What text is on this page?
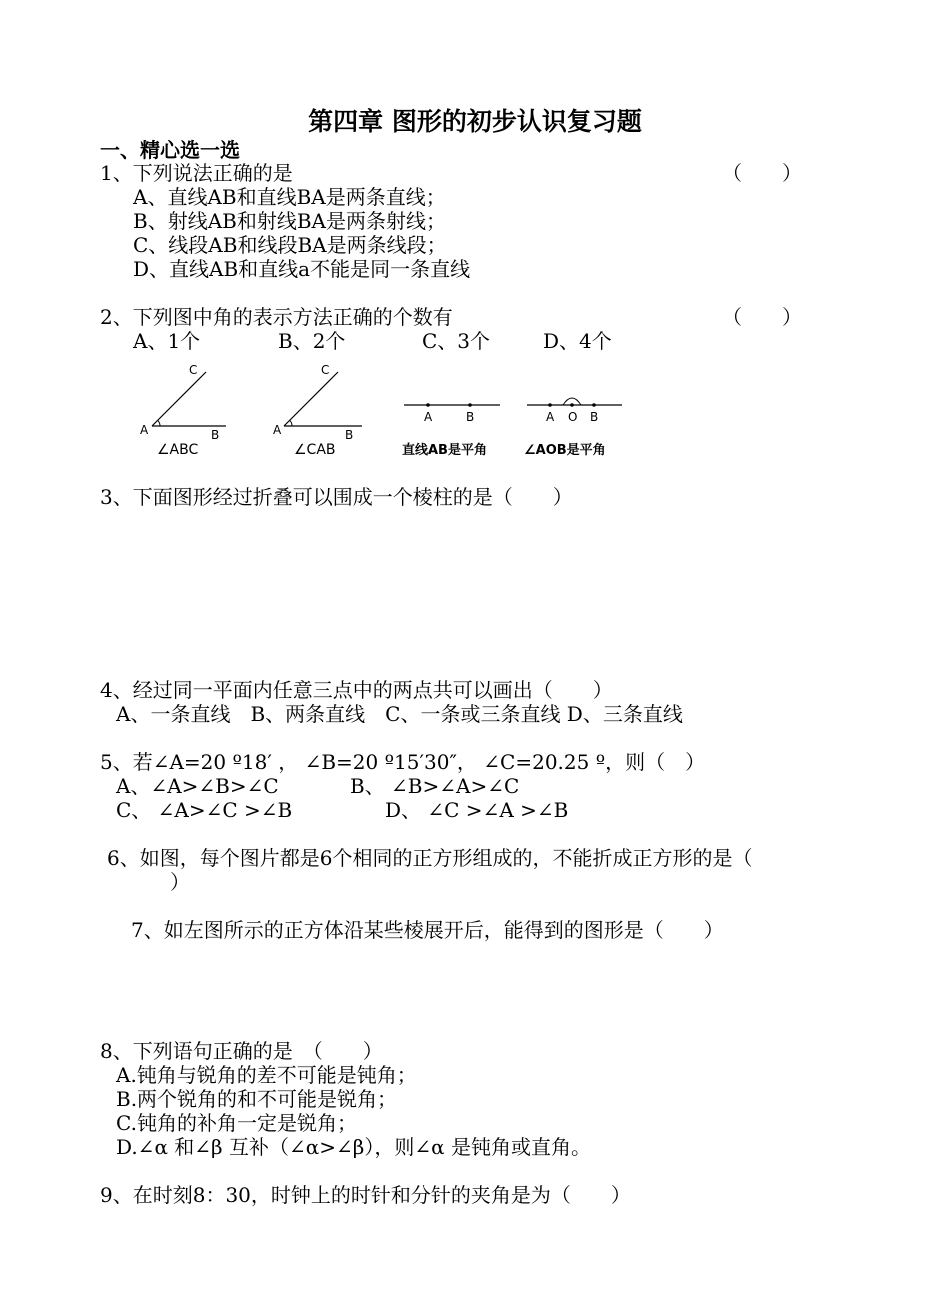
第四章 图形的初步认识复习题
一、精心选一选
1、下列说法正确的是	（　　）
A、直线AB和直线BA是两条直线；
B、射线AB和射线BA是两条射线；
C、线段AB和线段BA是两条线段；
D、直线AB和直线a不能是同一条直线
2、下列图中角的表示方法正确的个数有	（　　）
A、1个	B、2个	C、3个	D、4个
C
A	B
∠ABC
C
A	B
∠CAB
A	B
直线AB是平角
A O B
∠AOB是平角
3、下面图形经过折叠可以围成一个棱柱的是（　　）
4、经过同一平面内任意三点中的两点共可以画出（　　）
A、一条直线　B、两条直线　C、一条或三条直线 D、三条直线
5、若∠A=20 º18′ ， ∠B=20 º15′30″， ∠C=20.25 º，则（　）
A、∠A>∠B>∠C	B、 ∠B>∠A>∠C
C、 ∠A>∠C >∠B	D、 ∠C >∠A >∠B
6、如图，每个图片都是6个相同的正方形组成的，不能折成正方形的是（
）
7、如左图所示的正方体沿某些棱展开后，能得到的图形是（　　）
8、下列语句正确的是　（　　）
A.钝角与锐角的差不可能是钝角；
B.两个锐角的和不可能是锐角；
C.钝角的补角一定是锐角；
D.∠α 和∠β 互补（∠α>∠β），则∠α 是钝角或直角。
9、在时刻8：30，时钟上的时针和分针的夹角是为（　　）
